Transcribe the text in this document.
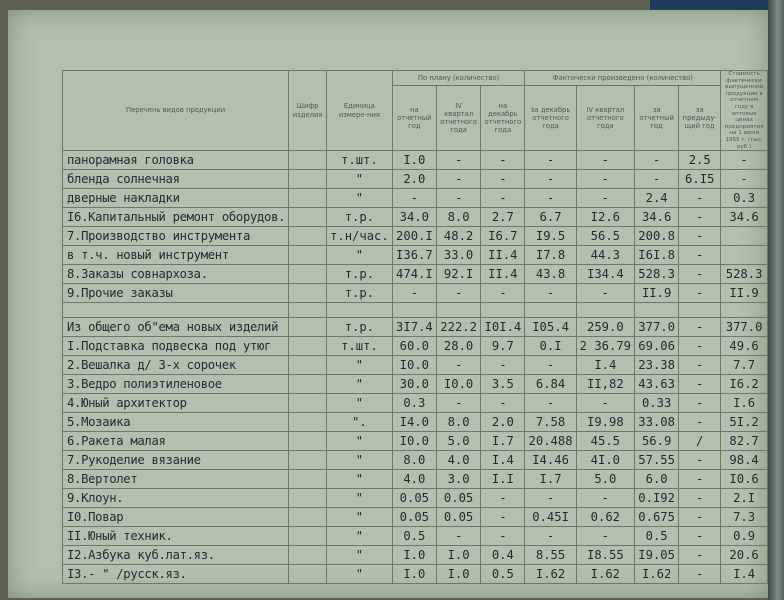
Перечень видов продукции	Шифр изделия	Единица измере-ния	По плану (количество)			Фактически произведено (количество)				Стоимость фактически выпущенной продукции в отчетном году в оптовых ценах предприятия на 1 июля 1955 г. (тыс. руб.)
			на отчетный год	IV квартал отчетного года	на декабрь отчетного года	за декабрь отчетного года	IV квартал отчетного года	за отчетный год	за предыду-щий год	
панорамная головка		т.шт.	I.0	-	-	-	-	-	2.5	-
бленда солнечная		"	2.0	-	-	-	-	-	6.I5	-
дверные накладки		"	-	-	-	-	-	2.4	-	0.3
I6.Капитальный ремонт оборудов.		т.р.	34.0	8.0	2.7	6.7	I2.6	34.6	-	34.6
7.Производство инструмента		т.н/час.	200.I	48.2	I6.7	I9.5	56.5	200.8	-	
в т.ч. новый инструмент		"	I36.7	33.0	II.4	I7.8	44.3	I6I.8	-	
8.Заказы совнархоза.		т.р.	474.I	92.I	II.4	43.8	I34.4	528.3	-	528.3
9.Прочие заказы		т.р.	-	-	-	-	-	II.9	-	II.9

Из общего об"ема новых изделий		т.р.	3I7.4	222.2	I0I.4	I05.4	259.0	377.0	-	377.0
I.Подставка подвеска под утюг		т.шт.	60.0	28.0	9.7	0.I	2 36.79	69.06	-	49.6
2.Вешалка д/ 3-х сорочек		"	I0.0	-	-	-	I.4	23.38	-	7.7
3.Ведро полиэтиленовое		"	30.0	I0.0	3.5	6.84	II,82	43.63	-	I6.2
4.Юный архитектор		"	0.3	-	-	-	-	0.33	-	I.6
5.Мозаика		".	I4.0	8.0	2.0	7.58	I9.98	33.08	-	5I.2
6.Ракета малая		"	I0.0	5.0	I.7	20.488	45.5	56.9	/	82.7
7.Рукоделие вязание		"	8.0	4.0	I.4	I4.46	4I.0	57.55	-	98.4
8.Вертолет		"	4.0	3.0	I.I	I.7	5.0	6.0	-	I0.6
9.Клоун.		"	0.05	0.05	-	-	-	0.I92	-	2.I
I0.Повар		"	0.05	0.05	-	0.45I	0.62	0.675	-	7.3
II.Юный техник.		"	0.5	-	-	-	-	0.5	-	0.9
I2.Азбука куб.лат.яз.		"	I.0	I.0	0.4	8.55	I8.55	I9.05	-	20.6
I3.- " /русск.яз.		"	I.0	I.0	0.5	I.62	I.62	I.62	-	I.4
